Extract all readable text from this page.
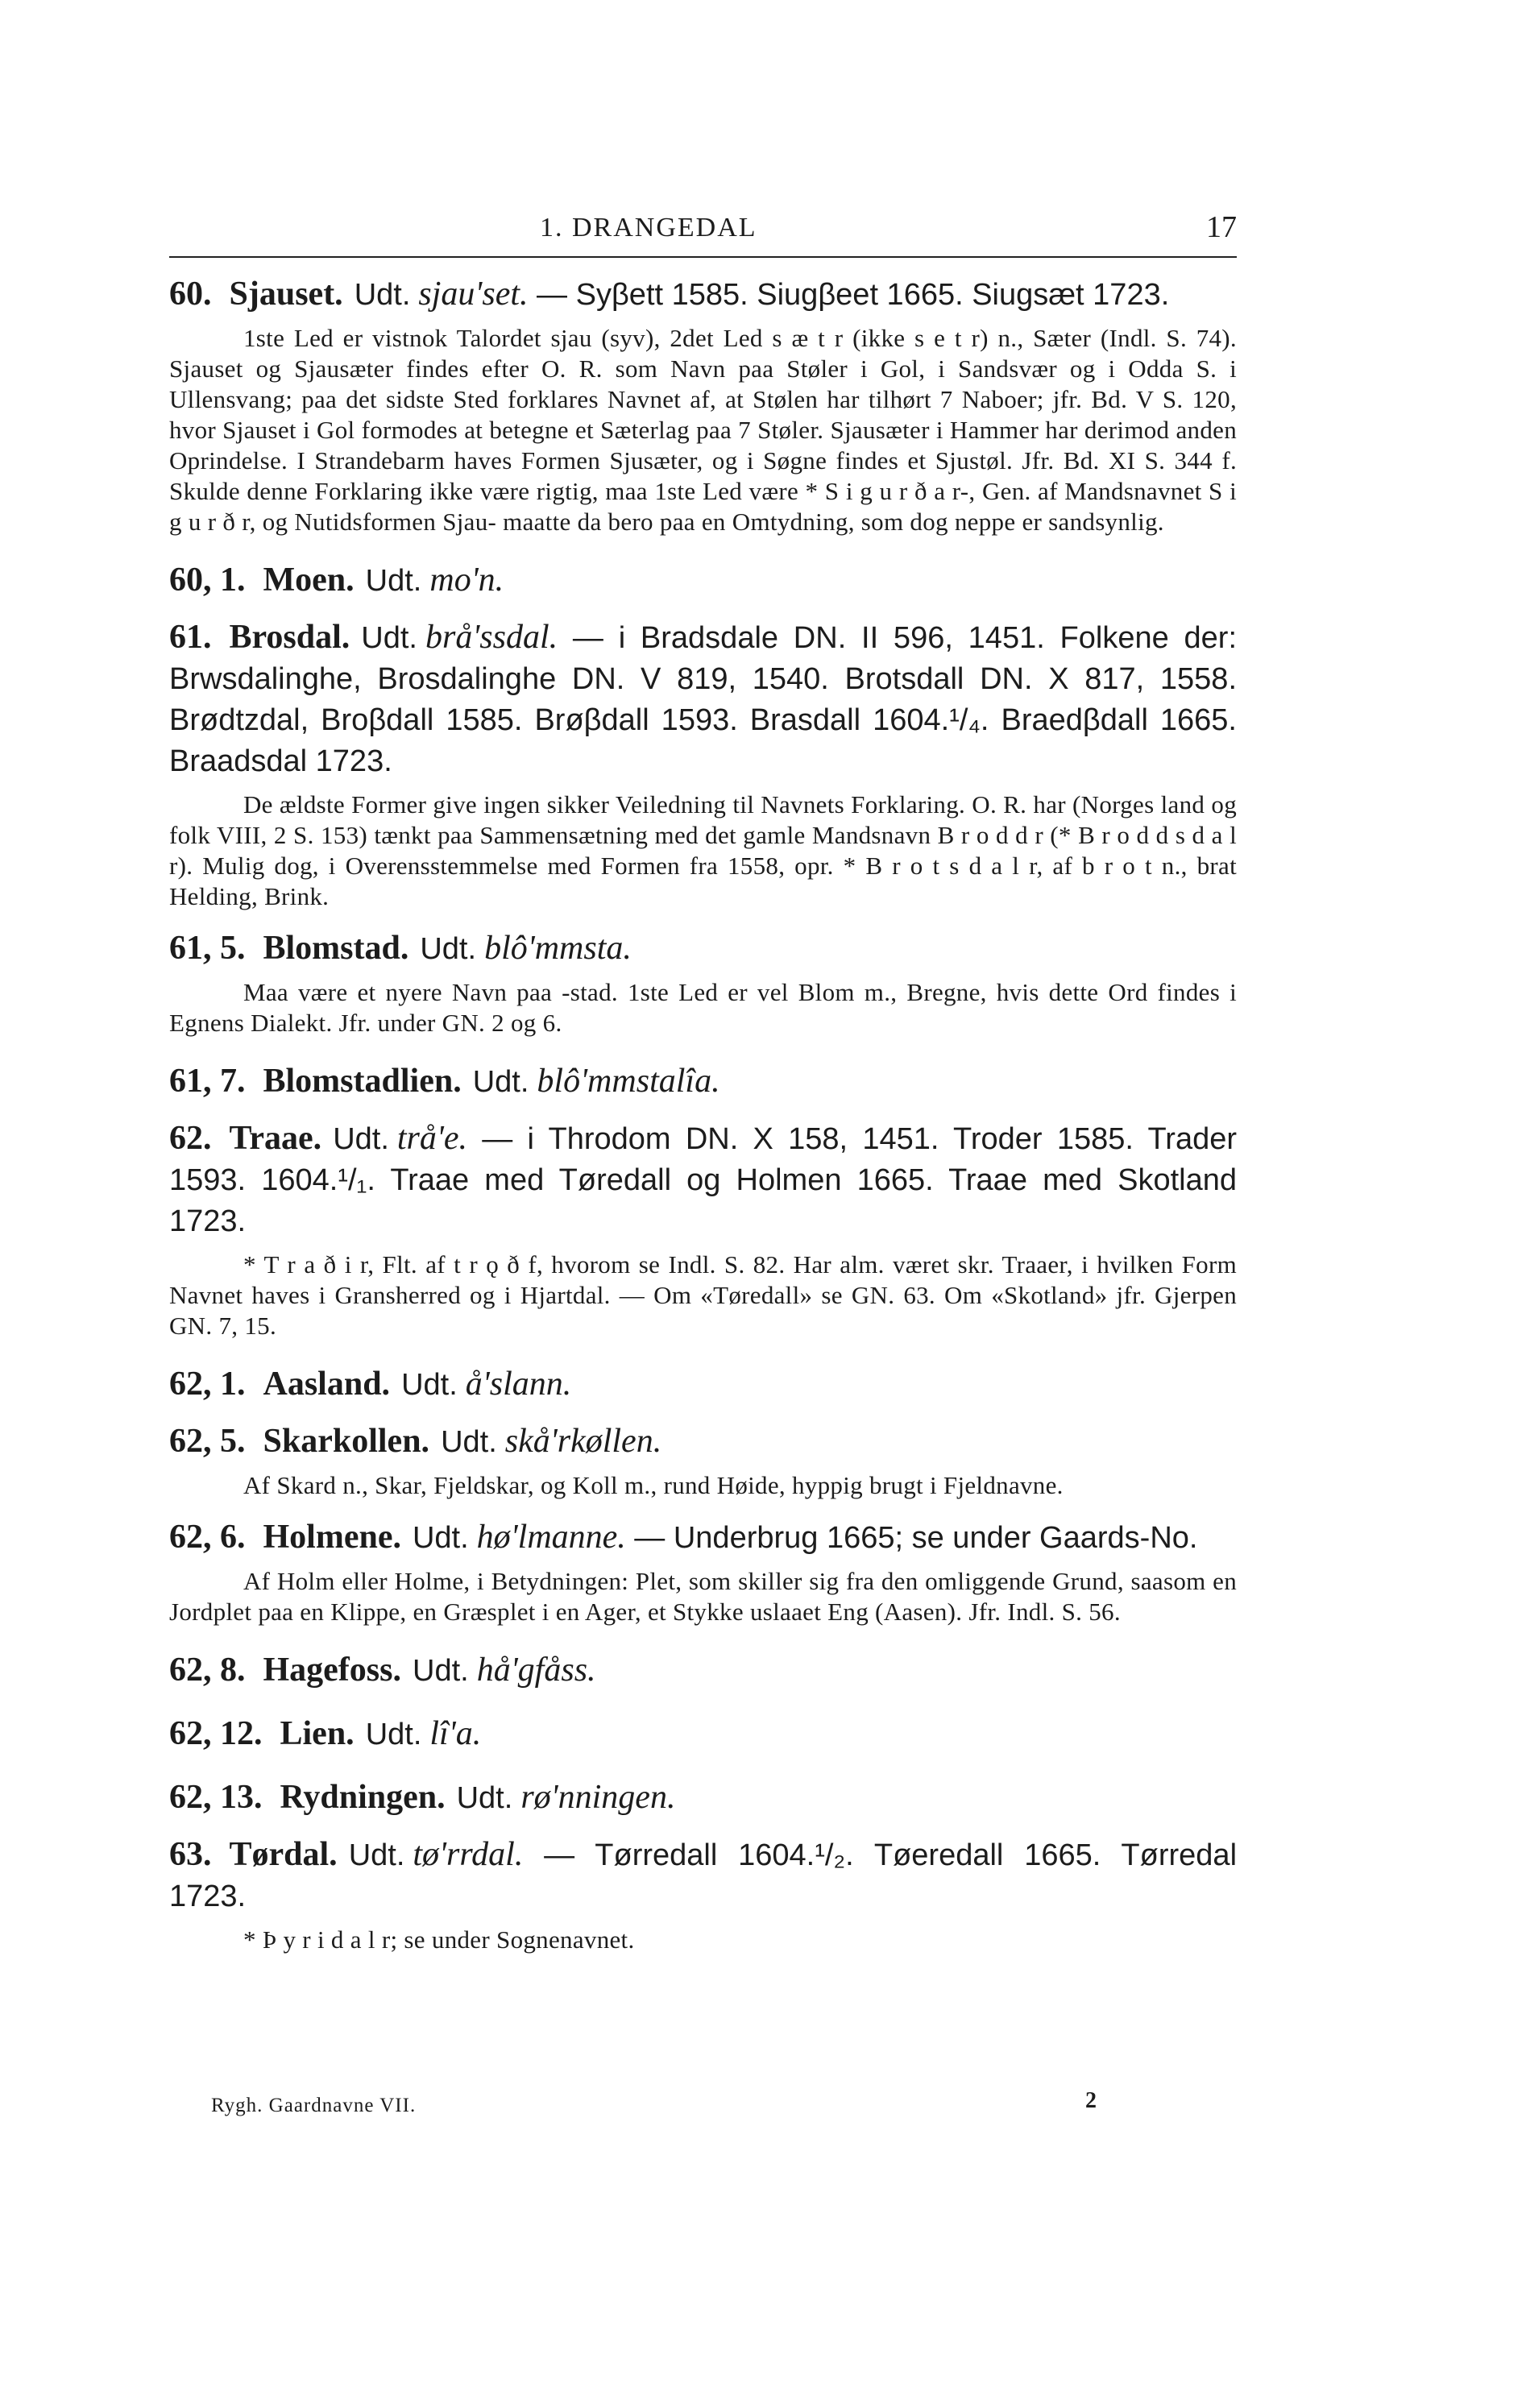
1. DRANGEDAL	17
60. Sjauset. Udt. sjau'set. — Syβett 1585. Siugβeet 1665. Siugsæt 1723.

1ste Led er vistnok Talordet sjau (syv), 2det Led s æ t r (ikke s e t r) n., Sæter (Indl. S. 74). Sjauset og Sjausæter findes efter O. R. som Navn paa Støler i Gol, i Sandsvær og i Odda S. i Ullensvang; paa det sidste Sted forklares Navnet af, at Stølen har tilhørt 7 Naboer; jfr. Bd. V S. 120, hvor Sjauset i Gol formodes at betegne et Sæterlag paa 7 Støler. Sjausæter i Hammer har derimod anden Oprindelse. I Strandebarm haves Formen Sjusæter, og i Søgne findes et Sjustøl. Jfr. Bd. XI S. 344 f. Skulde denne Forklaring ikke være rigtig, maa 1ste Led være * S i g u r ð a r-, Gen. af Mandsnavnet S i g u r ð r, og Nutidsformen Sjau- maatte da bero paa en Omtydning, som dog neppe er sandsynlig.

60, 1. Moen. Udt. mo'n.
61. Brosdal. Udt. brå'ssdal. — i Bradsdale DN. II 596, 1451. Folkene der: Brwsdalinghe, Brosdalinghe DN. V 819, 1540. Brotsdall DN. X 817, 1558. Brødtzdal, Broβdall 1585. Brøβdall 1593. Brasdall 1604.¹/₄. Braedβdall 1665. Braadsdal 1723.

De ældste Former give ingen sikker Veiledning til Navnets Forklaring. O. R. har (Norges land og folk VIII, 2 S. 153) tænkt paa Sammensætning med det gamle Mandsnavn B r o d d r (* B r o d d s d a l r). Mulig dog, i Overensstemmelse med Formen fra 1558, opr. * B r o t s d a l r, af b r o t n., brat Helding, Brink.

61, 5. Blomstad. Udt. blô'mmsta.

Maa være et nyere Navn paa -stad. 1ste Led er vel Blom m., Bregne, hvis dette Ord findes i Egnens Dialekt. Jfr. under GN. 2 og 6.

61, 7. Blomstadlien. Udt. blô'mmstalîa.
62. Traae. Udt. trå'e. — i Throdom DN. X 158, 1451. Troder 1585. Trader 1593. 1604.¹/₁. Traae med Tøredall og Holmen 1665. Traae med Skotland 1723.

* T r a ð i r, Flt. af t r ǫ ð f, hvorom se Indl. S. 82. Har alm. været skr. Traaer, i hvilken Form Navnet haves i Gransherred og i Hjartdal. — Om «Tøredall» se GN. 63. Om «Skotland» jfr. Gjerpen GN. 7, 15.

62, 1. Aasland. Udt. å'slann.
62, 5. Skarkollen. Udt. skå'rkøllen.

Af Skard n., Skar, Fjeldskar, og Koll m., rund Høide, hyppig brugt i Fjeldnavne.

62, 6. Holmene. Udt. hø'lmanne. — Underbrug 1665; se under Gaards-No.

Af Holm eller Holme, i Betydningen: Plet, som skiller sig fra den omliggende Grund, saasom en Jordplet paa en Klippe, en Græsplet i en Ager, et Stykke uslaaet Eng (Aasen). Jfr. Indl. S. 56.

62, 8. Hagefoss. Udt. hå'gfåss.
62, 12. Lien. Udt. lî'a.
62, 13. Rydningen. Udt. rø'nningen.
63. Tørdal. Udt. tø'rrdal. — Tørredall 1604.¹/₂. Tøeredall 1665. Tørredal 1723.

* Þ y r i d a l r; se under Sognenavnet.

Rygh. Gaardnavne VII.	2
